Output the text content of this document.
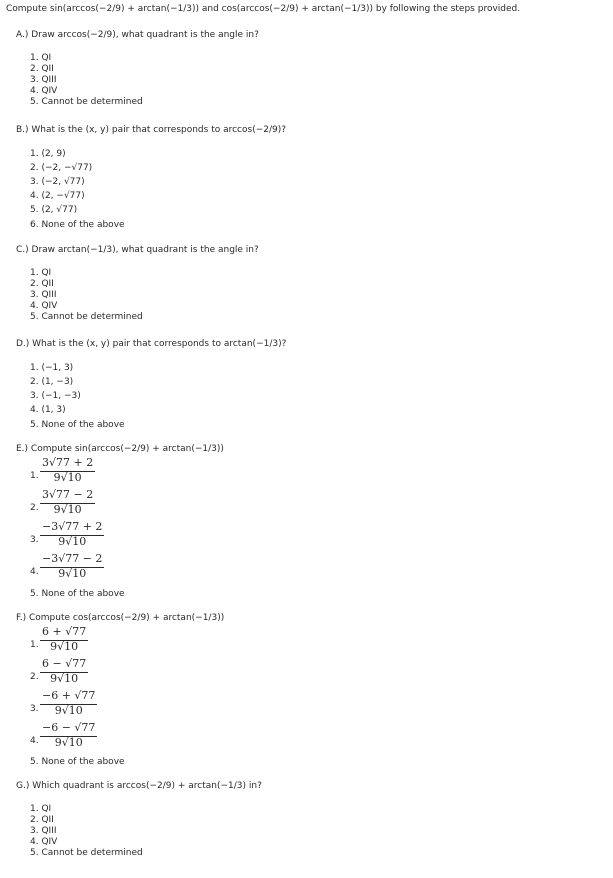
Compute sin(arccos(−2/9) + arctan(−1/3)) and cos(arccos(−2/9) + arctan(−1/3)) by following the steps provided.
A.) Draw arccos(−2/9), what quadrant is the angle in?
1. QI
2. QII
3. QIII
4. QIV
5. Cannot be determined
B.) What is the (x, y) pair that corresponds to arccos(−2/9)?
1. (2, 9)
2. (−2, −√77)
3. (−2, √77)
4. (2, −√77)
5. (2, √77)
6. None of the above
C.) Draw arctan(−1/3), what quadrant is the angle in?
1. QI
2. QII
3. QIII
4. QIV
5. Cannot be determined
D.) What is the (x, y) pair that corresponds to arctan(−1/3)?
1. (−1, 3)
2. (1, −3)
3. (−1, −3)
4. (1, 3)
5. None of the above
E.) Compute sin(arccos(−2/9) + arctan(−1/3))
1.
3√77 + 2
9√10
2.
3√77 − 2
9√10
3.
−3√77 + 2
9√10
4.
−3√77 − 2
9√10
5. None of the above
F.) Compute cos(arccos(−2/9) + arctan(−1/3))
1.
6 + √77
9√10
2.
6 − √77
9√10
3.
−6 + √77
9√10
4.
−6 − √77
9√10
5. None of the above
G.) Which quadrant is arccos(−2/9) + arctan(−1/3) in?
1. QI
2. QII
3. QIII
4. QIV
5. Cannot be determined
